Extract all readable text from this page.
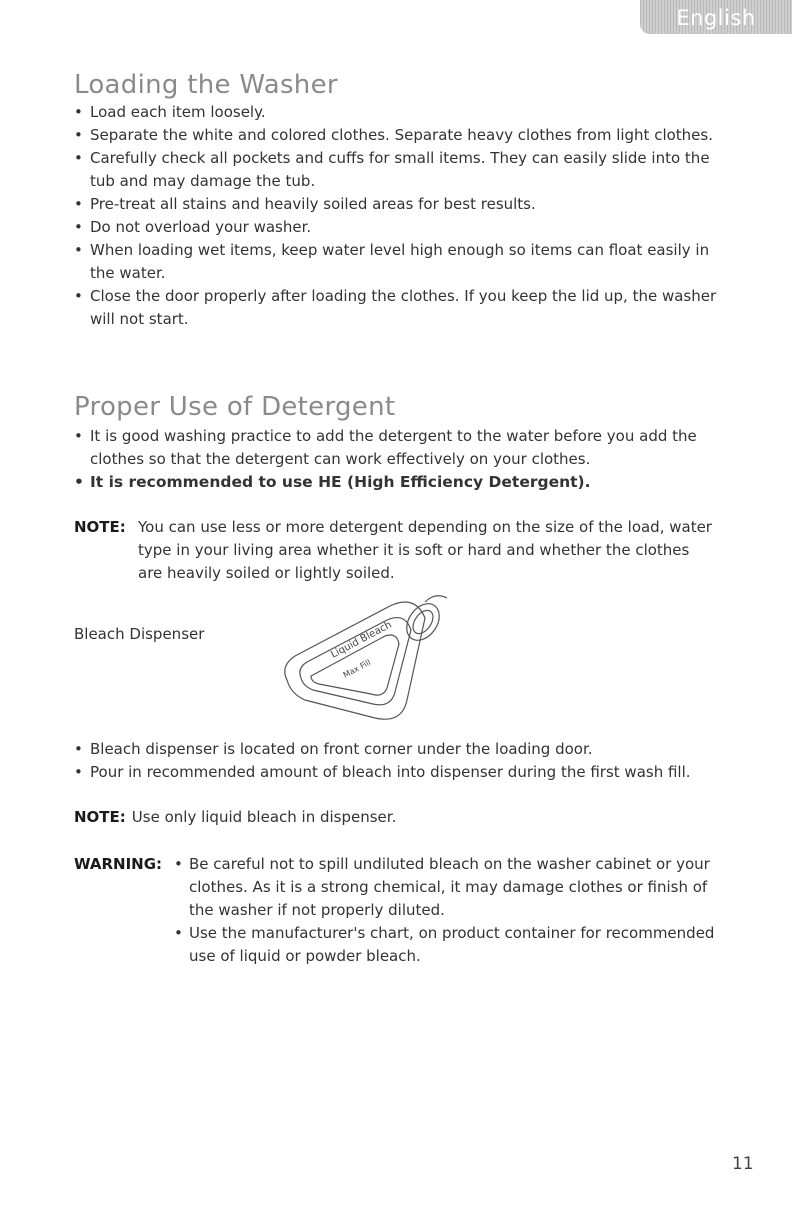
English
Loading the Washer
• Load each item loosely.
• Separate the white and colored clothes. Separate heavy clothes from light clothes.
• Carefully check all pockets and cuffs for small items. They can easily slide into the tub and may damage the tub.
• Pre-treat all stains and heavily soiled areas for best results.
• Do not overload your washer.
• When loading wet items, keep water level high enough so items can float easily in the water.
• Close the door properly after loading the clothes. If you keep the lid up, the washer will not start.
Proper Use of Detergent
• It is good washing practice to add the detergent to the water before you add the clothes so that the detergent can work effectively on your clothes.
• It is recommended to use HE (High Efficiency Detergent).
NOTE: You can use less or more detergent depending on the size of the load, water type in your living area whether it is soft or hard and whether the clothes are heavily soiled or lightly soiled.
Bleach Dispenser	Liquid Bleach
Max Fill
• Bleach dispenser is located on front corner under the loading door.
• Pour in recommended amount of bleach into dispenser during the first wash fill.
NOTE: Use only liquid bleach in dispenser.
WARNING:
•	Be careful not to spill undiluted bleach on the washer cabinet or your clothes. As it is a strong chemical, it may damage clothes or finish of the washer if not properly diluted.
• Use the manufacturer's chart, on product container for recommended use of liquid or powder bleach.
11
